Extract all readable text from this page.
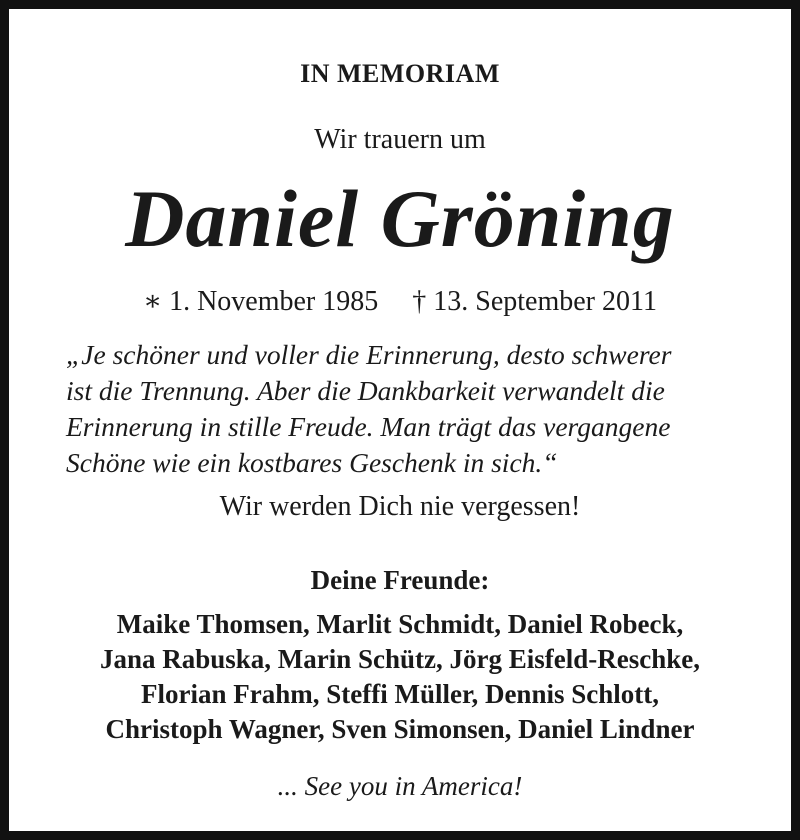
IN MEMORIAM
Wir trauern um
Daniel Gröning
∗ 1. November 1985 † 13. September 2011
„Je schöner und voller die Erinnerung, desto schwerer
ist die Trennung. Aber die Dankbarkeit verwandelt die
Erinnerung in stille Freude. Man trägt das vergangene
Schöne wie ein kostbares Geschenk in sich.“
Wir werden Dich nie vergessen!
Deine Freunde:
Maike Thomsen, Marlit Schmidt, Daniel Robeck,
Jana Rabuska, Marin Schütz, Jörg Eisfeld-Reschke,
Florian Frahm, Steffi Müller, Dennis Schlott,
Christoph Wagner, Sven Simonsen, Daniel Lindner
... See you in America!
